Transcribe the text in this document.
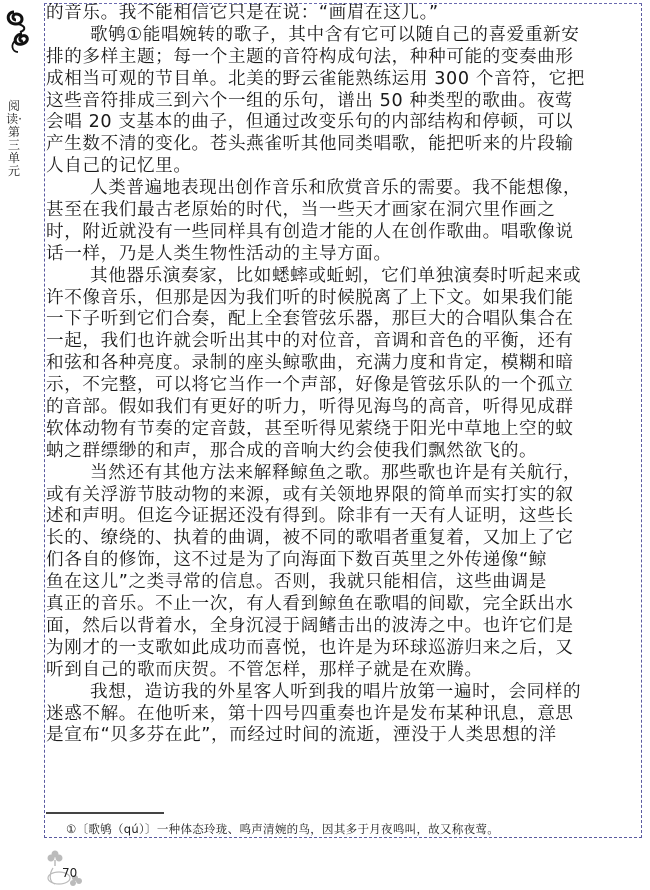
阅读·第三单元
的音乐。我不能相信它只是在说：“画眉在这儿。”
歌鸲①能唱婉转的歌子，其中含有它可以随自己的喜爱重新安
排的多样主题；每一个主题的音符构成句法，种种可能的变奏曲形
成相当可观的节目单。北美的野云雀能熟练运用 300 个音符，它把
这些音符排成三到六个一组的乐句，谱出 50 种类型的歌曲。夜莺
会唱 20 支基本的曲子，但通过改变乐句的内部结构和停顿，可以
产生数不清的变化。苍头燕雀听其他同类唱歌，能把听来的片段输
人自己的记忆里。
人类普遍地表现出创作音乐和欣赏音乐的需要。我不能想像，
甚至在我们最古老原始的时代，当一些天才画家在洞穴里作画之
时，附近就没有一些同样具有创造才能的人在创作歌曲。唱歌像说
话一样，乃是人类生物性活动的主导方面。
其他器乐演奏家，比如蟋蟀或蚯蚓，它们单独演奏时听起来或
许不像音乐，但那是因为我们听的时候脱离了上下文。如果我们能
一下子听到它们合奏，配上全套管弦乐器，那巨大的合唱队集合在
一起，我们也许就会听出其中的对位音，音调和音色的平衡，还有
和弦和各种亮度。录制的座头鲸歌曲，充满力度和肯定，模糊和暗
示，不完整，可以将它当作一个声部，好像是管弦乐队的一个孤立
的音部。假如我们有更好的听力，听得见海鸟的高音，听得见成群
软体动物有节奏的定音鼓，甚至听得见萦绕于阳光中草地上空的蚊
蚋之群缥缈的和声，那合成的音响大约会使我们飘然欲飞的。
当然还有其他方法来解释鲸鱼之歌。那些歌也许是有关航行，
或有关浮游节肢动物的来源，或有关领地界限的简单而实打实的叙
述和声明。但迄今证据还没有得到。除非有一天有人证明，这些长
长的、缭绕的、执着的曲调，被不同的歌唱者重复着，又加上了它
们各自的修饰，这不过是为了向海面下数百英里之外传递像“鲸
鱼在这儿”之类寻常的信息。否则，我就只能相信，这些曲调是
真正的音乐。不止一次，有人看到鲸鱼在歌唱的间歇，完全跃出水
面，然后以背着水，全身沉浸于阔鳍击出的波涛之中。也许它们是
为刚才的一支歌如此成功而喜悦，也许是为环球巡游归来之后，又
听到自己的歌而庆贺。不管怎样，那样子就是在欢腾。
我想，造访我的外星客人听到我的唱片放第一遍时，会同样的
迷惑不解。在他听来，第十四号四重奏也许是发布某种讯息，意思
是宣布“贝多芬在此”，而经过时间的流逝，湮没于人类思想的洋
①〔歌鸲（qú）〕一种体态玲珑、鸣声清婉的鸟，因其多于月夜鸣叫，故又称夜莺。
70
